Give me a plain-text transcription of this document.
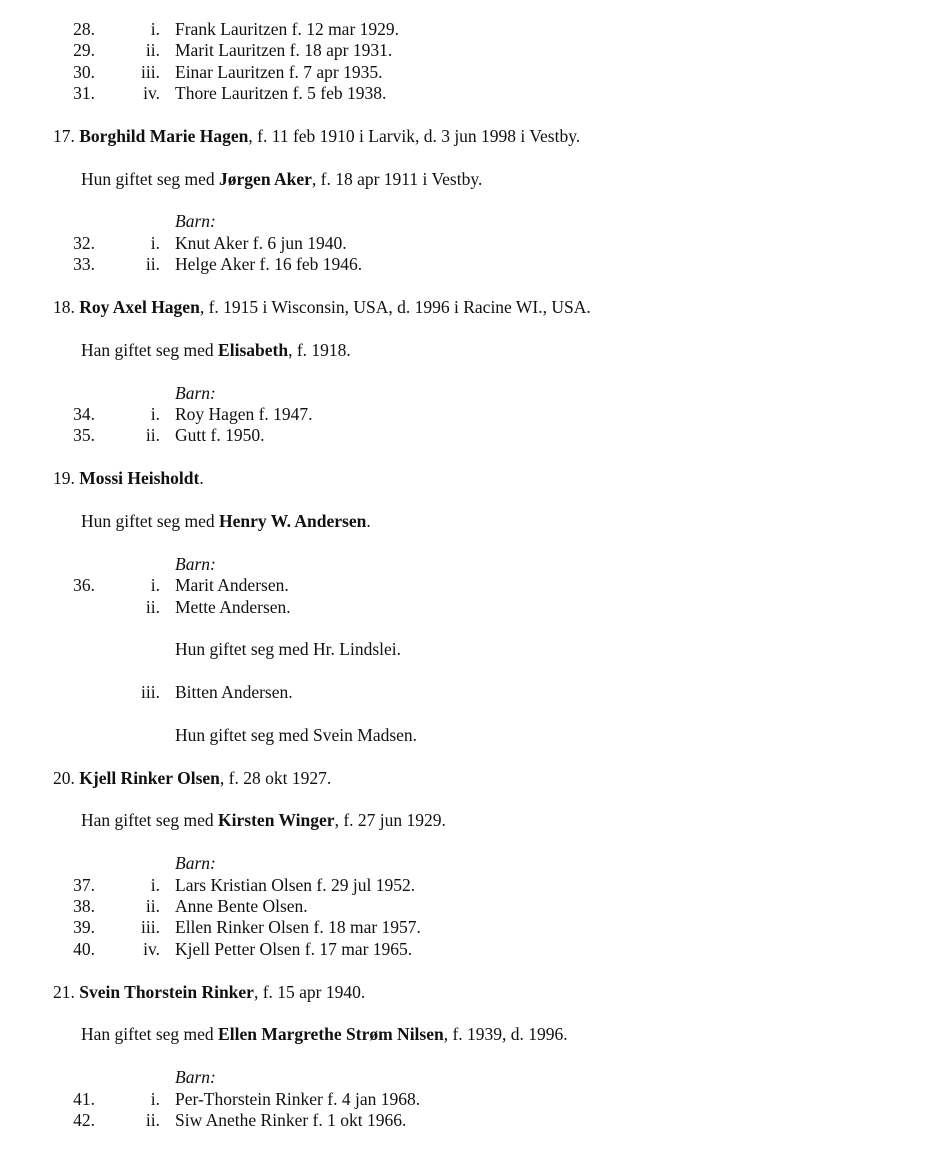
28.	i. Frank Lauritzen f. 12 mar 1929.
29.	ii. Marit Lauritzen f. 18 apr 1931.
30.	iii. Einar Lauritzen f. 7 apr 1935.
31.	iv. Thore Lauritzen f. 5 feb 1938.
17. Borghild Marie Hagen, f. 11 feb 1910 i Larvik, d. 3 jun 1998 i Vestby.
Hun giftet seg med Jørgen Aker, f. 18 apr 1911 i Vestby.
Barn:
32.	i. Knut Aker f. 6 jun 1940.
33.	ii. Helge Aker f. 16 feb 1946.
18. Roy Axel Hagen, f. 1915 i Wisconsin, USA, d. 1996 i Racine WI., USA.
Han giftet seg med Elisabeth, f. 1918.
Barn:
34.	i. Roy Hagen f. 1947.
35.	ii. Gutt f. 1950.
19. Mossi Heisholdt.
Hun giftet seg med Henry W. Andersen.
Barn:
36.	i. Marit Andersen.
ii. Mette Andersen.
Hun giftet seg med Hr. Lindslei.
iii. Bitten Andersen.
Hun giftet seg med Svein Madsen.
20. Kjell Rinker Olsen, f. 28 okt 1927.
Han giftet seg med Kirsten Winger, f. 27 jun 1929.
Barn:
37.	i. Lars Kristian Olsen f. 29 jul 1952.
38.	ii. Anne Bente Olsen.
39.	iii. Ellen Rinker Olsen f. 18 mar 1957.
40.	iv. Kjell Petter Olsen f. 17 mar 1965.
21. Svein Thorstein Rinker, f. 15 apr 1940.
Han giftet seg med Ellen Margrethe Strøm Nilsen, f. 1939, d. 1996.
Barn:
41.	i. Per-Thorstein Rinker f. 4 jan 1968.
42.	ii. Siw Anethe Rinker f. 1 okt 1966.
